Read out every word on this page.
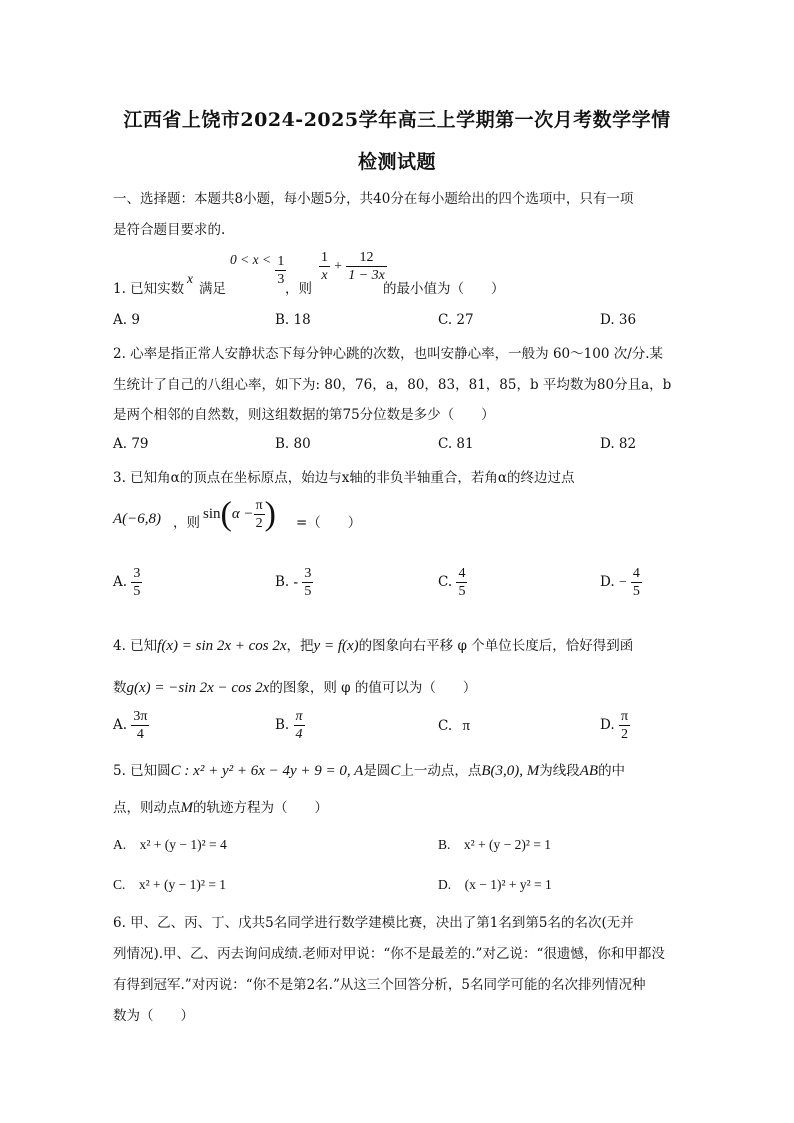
江西省上饶市2024-2025学年高三上学期第一次月考数学学情
检测试题
一、选择题：本题共8小题，每小题5分，共40分在每小题给出的四个选项中，只有一项
是符合题目要求的.
1. 已知实数
x
满足
$0 < x < \frac{1}{3}$
，则
$\frac{1}{x} + \frac{12}{1 - 3x}$
的最小值为（　　）
A. 9	B. 18	C. 27	D. 36
2. 心率是指正常人安静状态下每分钟心跳的次数，也叫安静心率，一般为 60～100 次/分.某
生统计了自己的八组心率，如下为: 80，76，a，80，83，81，85，b 平均数为80分且a，b
是两个相邻的自然数，则这组数据的第75分位数是多少（　　）
A. 79	B. 80	C. 81	D. 82
3. 已知角α的顶点在坐标原点，始边与x轴的非负半轴重合，若角α的终边过点
A(−6,8) ，则
$\sin(\alpha - \frac{\pi}{2}$ ) =（　　）
A. $\frac{3}{5}$	B. - $\frac{3}{5}$	C. $\frac{4}{5}$	D. − $\frac{4}{5}$
4. 已知f(x) = sin 2x + cos 2x，把y = f(x)的图象向右平移 φ 个单位长度后，恰好得到函
数g(x) = −sin 2x − cos 2x的图象，则 φ 的值可以为（　　）
A. $\frac{3\pi}{4}$	B. $\frac{\pi}{4}$	C. π	D. $\frac{\pi}{2}$
5. 已知圆C : x² + y² + 6x − 4y + 9 = 0, A是圆C上一动点，点B(3,0), M为线段AB的中
点，则动点M的轨迹方程为（　　）
A.　x² + (y − 1)² = 4	B.　x² + (y − 2)² = 1
C.　x² + (y − 1)² = 1	D.　(x − 1)² + y² = 1
6. 甲、乙、丙、丁、戊共5名同学进行数学建模比赛，决出了第1名到第5名的名次(无并
列情况).甲、乙、丙去询问成绩.老师对甲说：“你不是最差的.”对乙说：“很遗憾，你和甲都没
有得到冠军.”对丙说：“你不是第2名.”从这三个回答分析，5名同学可能的名次排列情况种
数为（　　）
